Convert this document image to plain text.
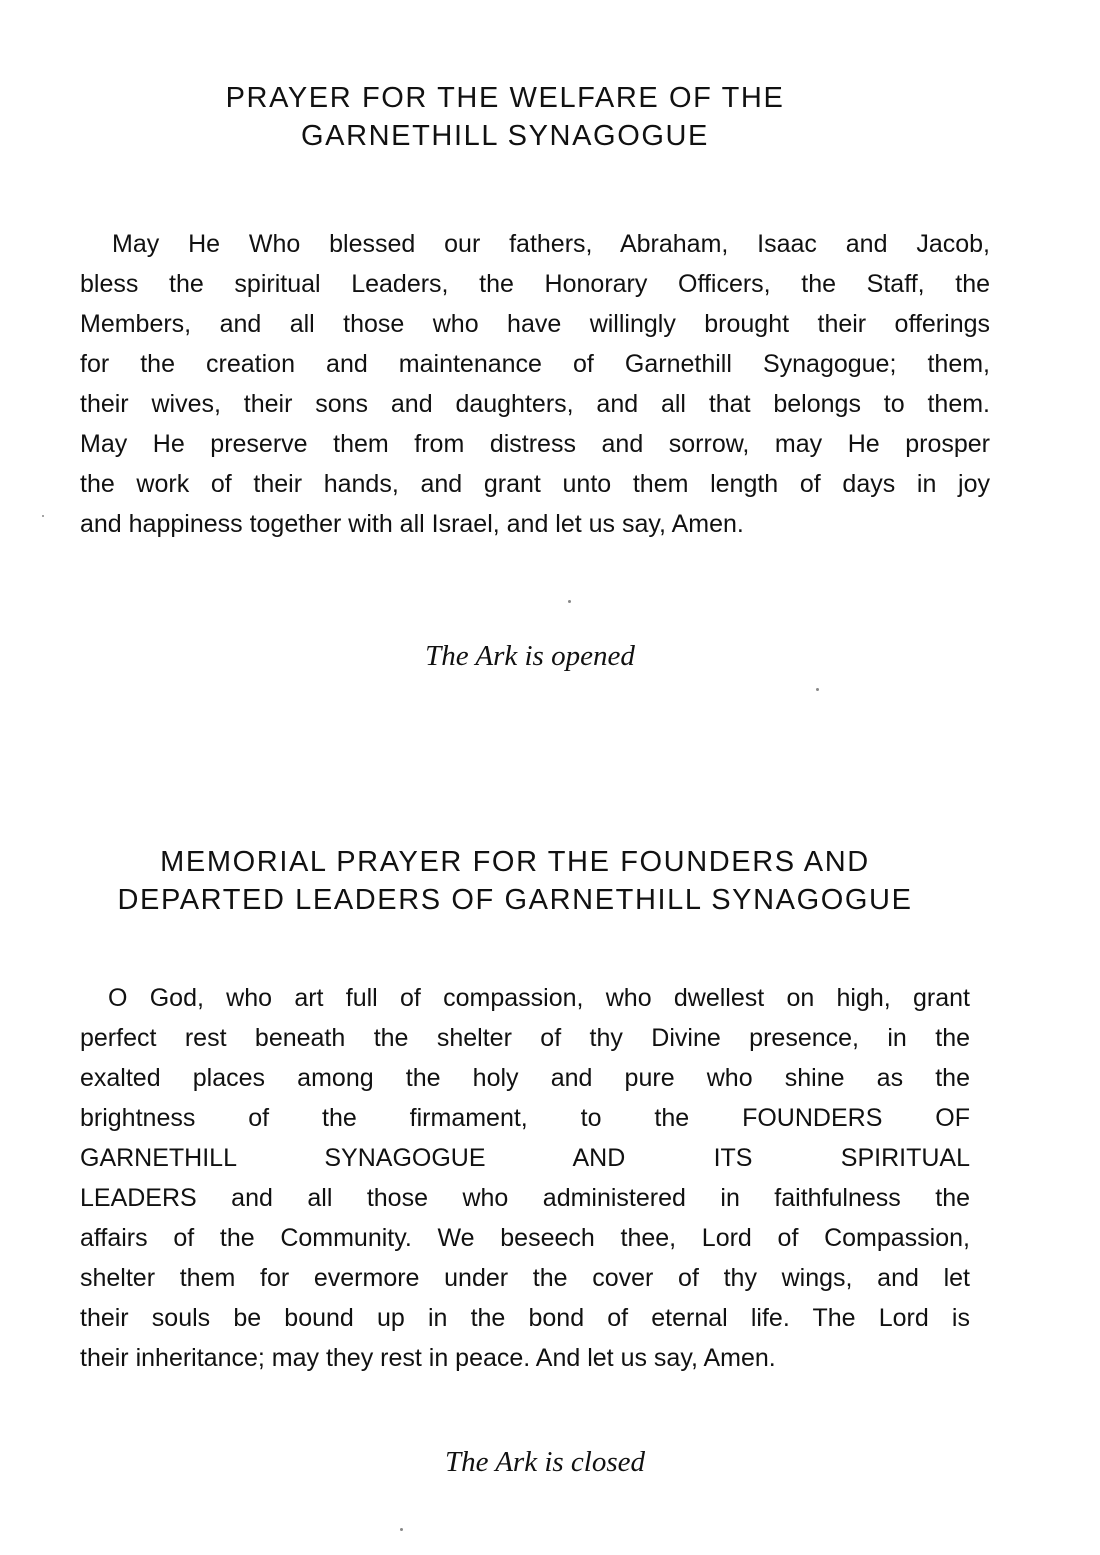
PRAYER FOR THE WELFARE OF THE
GARNETHILL SYNAGOGUE

May He Who blessed our fathers, Abraham, Isaac and Jacob,
bless the spiritual Leaders, the Honorary Officers, the Staff, the
Members, and all those who have willingly brought their offerings
for the creation and maintenance of Garnethill Synagogue; them,
their wives, their sons and daughters, and all that belongs to them.
May He preserve them from distress and sorrow, may He prosper
the work of their hands, and grant unto them length of days in joy
and happiness together with all Israel, and let us say, Amen.

The Ark is opened

MEMORIAL PRAYER FOR THE FOUNDERS AND
DEPARTED LEADERS OF GARNETHILL SYNAGOGUE

O God, who art full of compassion, who dwellest on high, grant
perfect rest beneath the shelter of thy Divine presence, in the
exalted places among the holy and pure who shine as the
brightness of the firmament, to the FOUNDERS OF
GARNETHILL SYNAGOGUE AND ITS SPIRITUAL
LEADERS and all those who administered in faithfulness the
affairs of the Community. We beseech thee, Lord of Compassion,
shelter them for evermore under the cover of thy wings, and let
their souls be bound up in the bond of eternal life. The Lord is
their inheritance; may they rest in peace. And let us say, Amen.

The Ark is closed
